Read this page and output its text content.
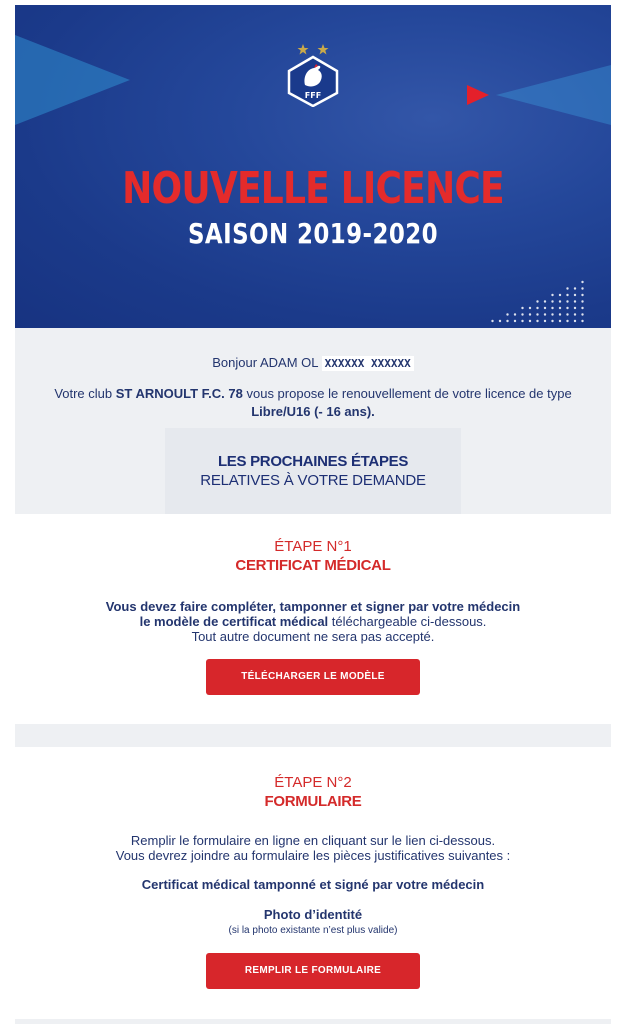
FFF
NOUVELLE LICENCE
SAISON 2019-2020
Bonjour ADAM OL XXXXXX XXXXXX
Votre club ST ARNOULT F.C. 78 vous propose le renouvellement de votre licence de type Libre/U16 (- 16 ans).
LES PROCHAINES ÉTAPES
RELATIVES À VOTRE DEMANDE
ÉTAPE N°1
CERTIFICAT MÉDICAL
Vous devez faire compléter, tamponner et signer par votre médecin
le modèle de certificat médical téléchargeable ci-dessous.
Tout autre document ne sera pas accepté.
TÉLÉCHARGER LE MODÈLE
ÉTAPE N°2
FORMULAIRE
Remplir le formulaire en ligne en cliquant sur le lien ci-dessous.
Vous devrez joindre au formulaire les pièces justificatives suivantes :
Certificat médical tamponné et signé par votre médecin
Photo d’identité
(si la photo existante n’est plus valide)
REMPLIR LE FORMULAIRE
